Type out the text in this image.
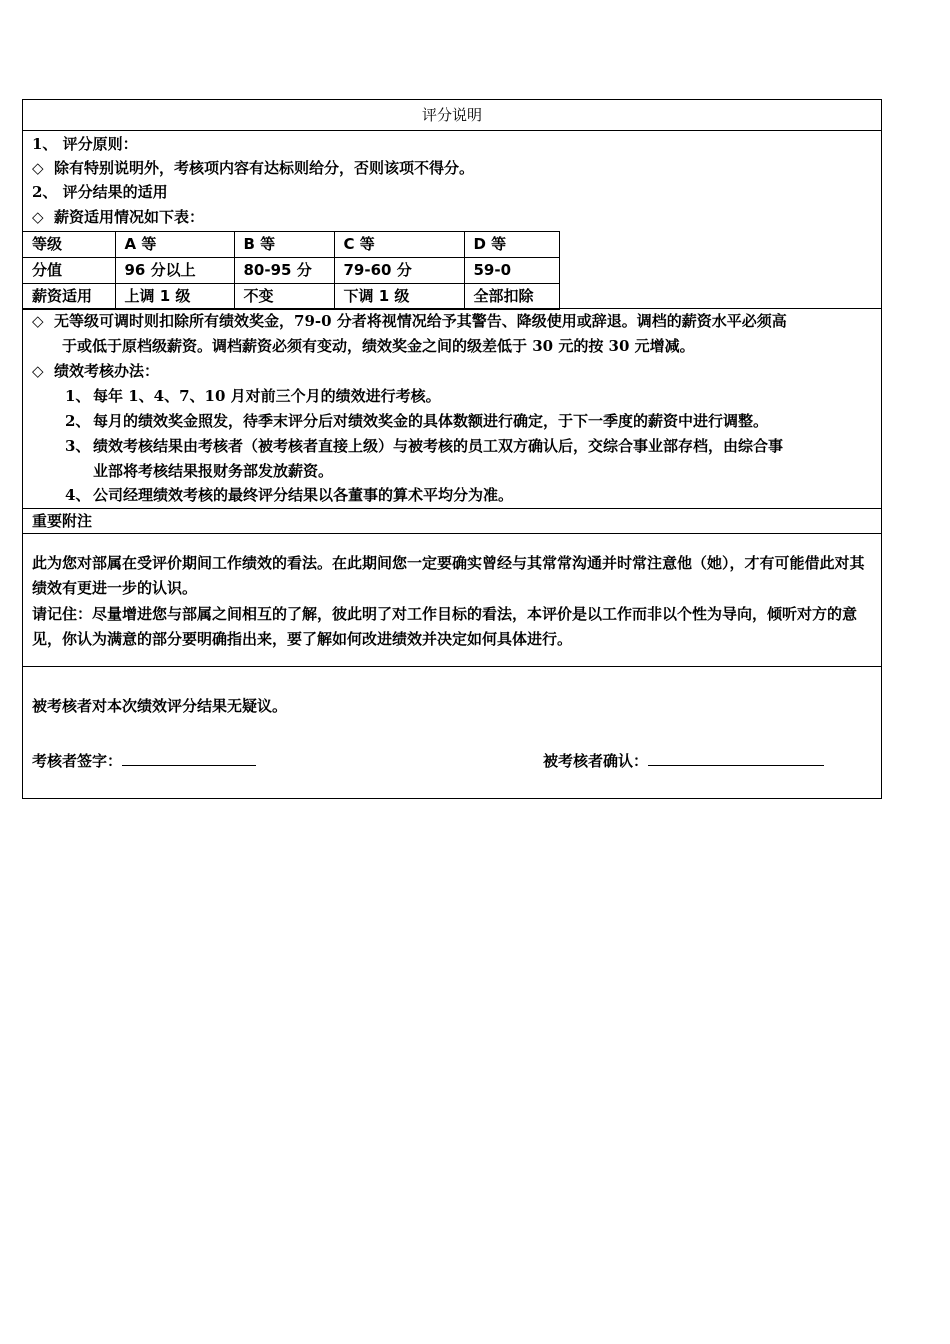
评分说明
1、 评分原则：
◇ 除有特别说明外，考核项内容有达标则给分，否则该项不得分。
2、 评分结果的适用
◇ 薪资适用情况如下表：
等级	A 等	B 等	C 等	D 等
分值	96 分以上	80-95 分	79-60 分	59-0
薪资适用	上调 1 级	不变	下调 1 级	全部扣除
◇ 无等级可调时则扣除所有绩效奖金，79-0 分者将视情况给予其警告、降级使用或辞退。调档的薪资水平必须高
于或低于原档级薪资。调档薪资必须有变动，绩效奖金之间的级差低于 30 元的按 30 元增减。
◇ 绩效考核办法：
1、 每年 1、4、7、10 月对前三个月的绩效进行考核。
2、 每月的绩效奖金照发，待季末评分后对绩效奖金的具体数额进行确定，于下一季度的薪资中进行调整。
3、 绩效考核结果由考核者（被考核者直接上级）与被考核的员工双方确认后，交综合事业部存档，由综合事
业部将考核结果报财务部发放薪资。
4、 公司经理绩效考核的最终评分结果以各董事的算术平均分为准。
重要附注
此为您对部属在受评价期间工作绩效的看法。在此期间您一定要确实曾经与其常常沟通并时常注意他（她），才有可能借此对其绩效有更进一步的认识。
请记住：尽量增进您与部属之间相互的了解，彼此明了对工作目标的看法，本评价是以工作而非以个性为导向，倾听对方的意见，你认为满意的部分要明确指出来，要了解如何改进绩效并决定如何具体进行。
被考核者对本次绩效评分结果无疑议。
考核者签字：	被考核者确认：
